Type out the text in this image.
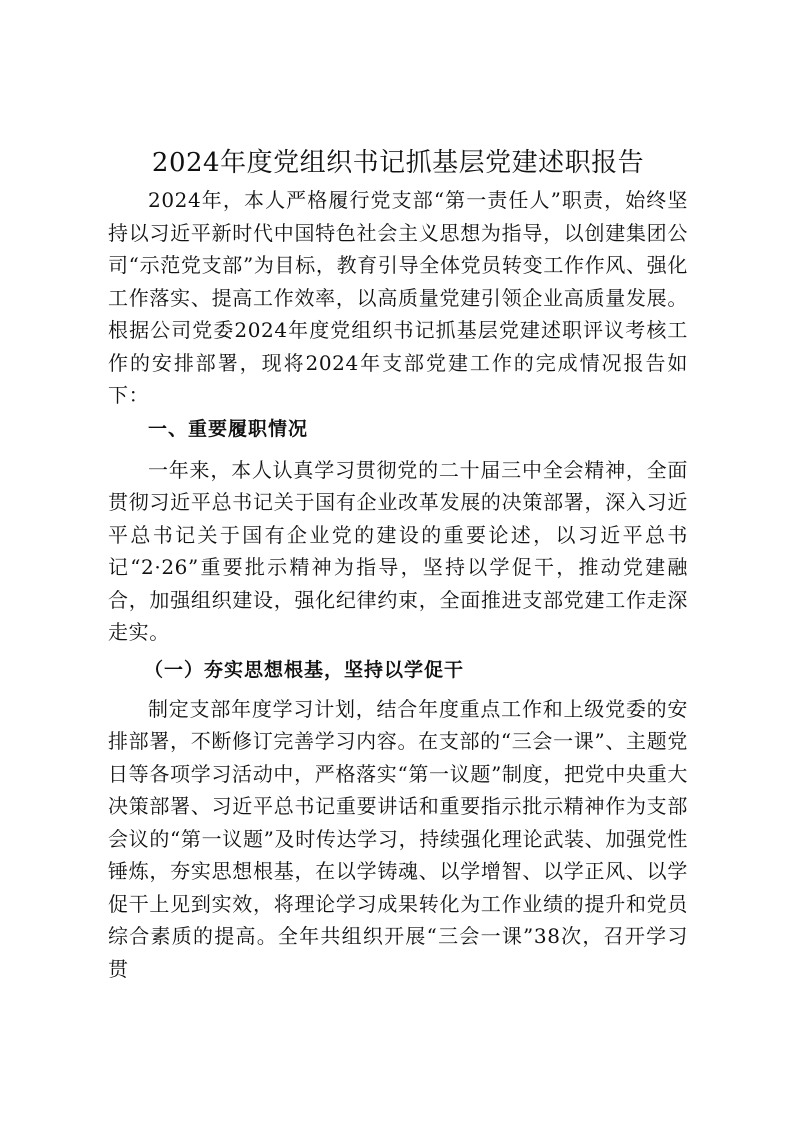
2024年度党组织书记抓基层党建述职报告

2024年，本人严格履行党支部“第一责任人”职责，始终坚持以习近平新时代中国特色社会主义思想为指导，以创建集团公司“示范党支部”为目标，教育引导全体党员转变工作作风、强化工作落实、提高工作效率，以高质量党建引领企业高质量发展。根据公司党委2024年度党组织书记抓基层党建述职评议考核工作的安排部署，现将2024年支部党建工作的完成情况报告如下：

一、重要履职情况

一年来，本人认真学习贯彻党的二十届三中全会精神，全面贯彻习近平总书记关于国有企业改革发展的决策部署，深入习近平总书记关于国有企业党的建设的重要论述，以习近平总书记“2·26”重要批示精神为指导，坚持以学促干，推动党建融合，加强组织建设，强化纪律约束，全面推进支部党建工作走深走实。

（一）夯实思想根基，坚持以学促干

制定支部年度学习计划，结合年度重点工作和上级党委的安排部署，不断修订完善学习内容。在支部的“三会一课”、主题党日等各项学习活动中，严格落实“第一议题”制度，把党中央重大决策部署、习近平总书记重要讲话和重要指示批示精神作为支部会议的“第一议题”及时传达学习，持续强化理论武装、加强党性锤炼，夯实思想根基，在以学铸魂、以学增智、以学正风、以学促干上见到实效，将理论学习成果转化为工作业绩的提升和党员综合素质的提高。全年共组织开展“三会一课”38次，召开学习贯
